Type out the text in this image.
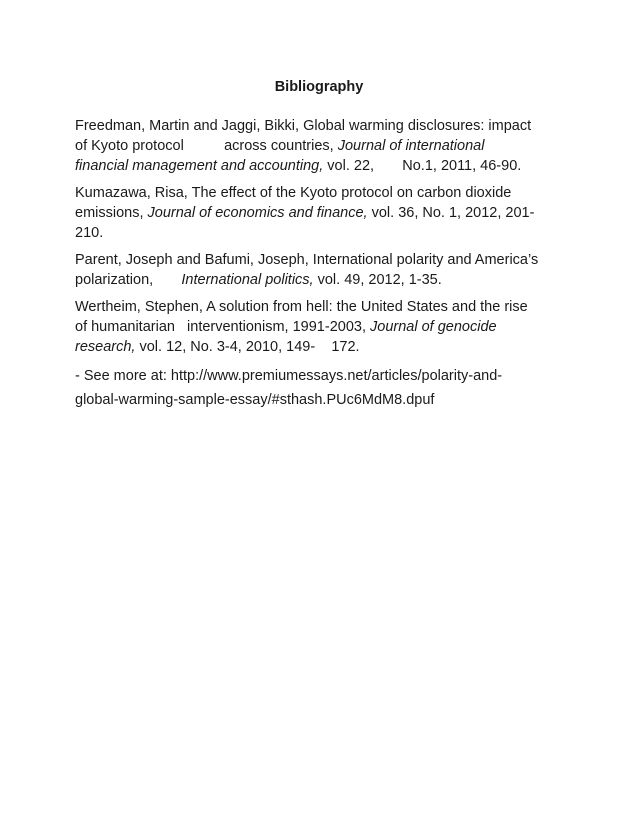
Bibliography
Freedman, Martin and Jaggi, Bikki, Global warming disclosures: impact
of Kyoto protocol          across countries, Journal of international
financial management and accounting, vol. 22,       No.1, 2011, 46-90.
Kumazawa, Risa, The effect of the Kyoto protocol on carbon dioxide
emissions, Journal of economics and finance, vol. 36, No. 1, 2012, 201-
210.
Parent, Joseph and Bafumi, Joseph, International polarity and America’s
polarization,       International politics, vol. 49, 2012, 1-35.
Wertheim, Stephen, A solution from hell: the United States and the rise
of humanitarian   interventionism, 1991-2003, Journal of genocide
research, vol. 12, No. 3-4, 2010, 149-    172.
- See more at: http://www.premiumessays.net/articles/polarity-and-
global-warming-sample-essay/#sthash.PUc6MdM8.dpuf
